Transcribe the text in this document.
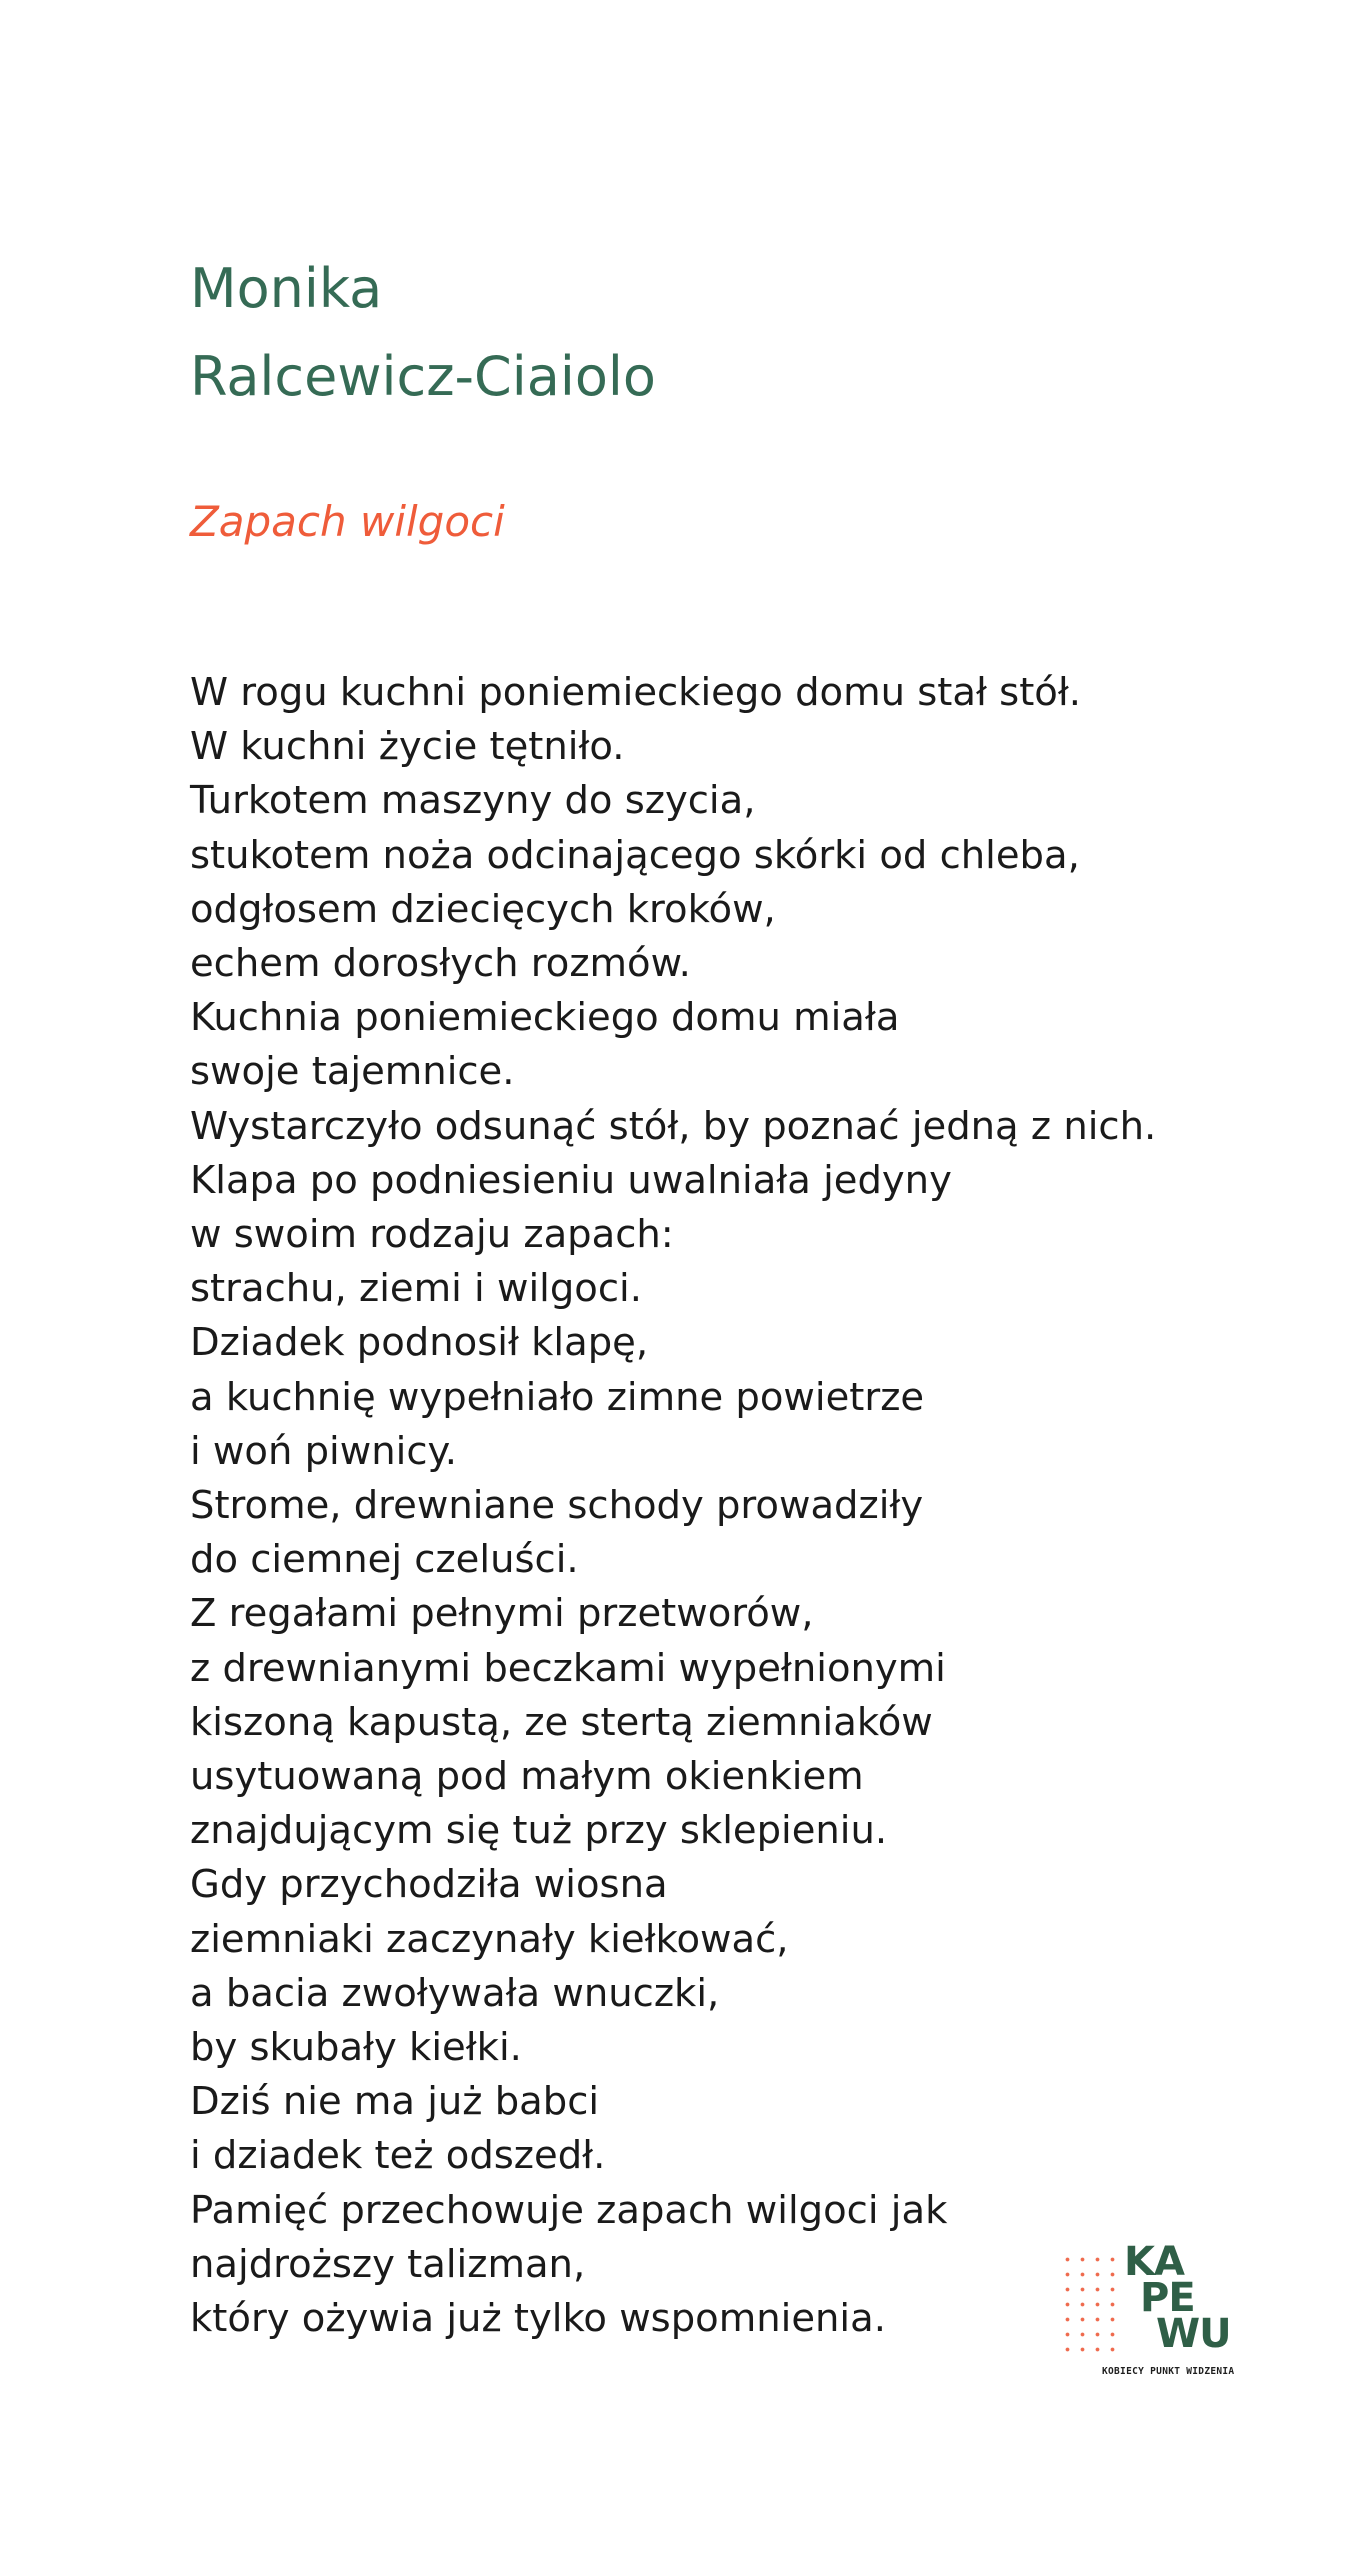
Monika
Ralcewicz-Ciaiolo
Zapach wilgoci
W rogu kuchni poniemieckiego domu stał stół.
W kuchni życie tętniło.
Turkotem maszyny do szycia,
stukotem noża odcinającego skórki od chleba,
odgłosem dziecięcych kroków,
echem dorosłych rozmów.
Kuchnia poniemieckiego domu miała
swoje tajemnice.
Wystarczyło odsunąć stół, by poznać jedną z nich.
Klapa po podniesieniu uwalniała jedyny
w swoim rodzaju zapach:
strachu, ziemi i wilgoci.
Dziadek podnosił klapę,
a kuchnię wypełniało zimne powietrze
i woń piwnicy.
Strome, drewniane schody prowadziły
do ciemnej czeluści.
Z regałami pełnymi przetworów,
z drewnianymi beczkami wypełnionymi
kiszoną kapustą, ze stertą ziemniaków
usytuowaną pod małym okienkiem
znajdującym się tuż przy sklepieniu.
Gdy przychodziła wiosna
ziemniaki zaczynały kiełkować,
a bacia zwoływała wnuczki,
by skubały kiełki.
Dziś nie ma już babci
i dziadek też odszedł.
Pamięć przechowuje zapach wilgoci jak
najdroższy talizman,
który ożywia już tylko wspomnienia.
KA
PE
WU
KOBIECY PUNKT WIDZENIA
